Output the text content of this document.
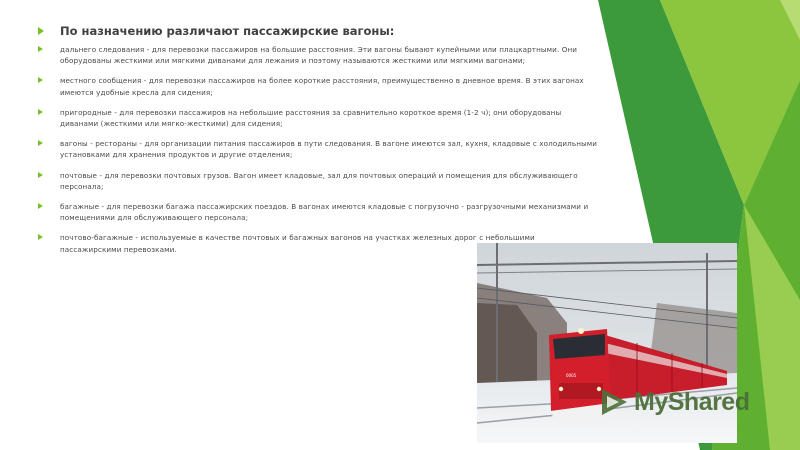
По назначению различают пассажирские вагоны:
дальнего следования - для перевозки пассажиров на большие расстояния. Эти вагоны бывают купейными или плацкартными. Они оборудованы жесткими или мягкими диванами для лежания и поэтому называются жесткими или мягкими вагонами;
местного сообщения - для перевозки пассажиров на более короткие расстояния, преимущественно в дневное время. В этих вагонах имеются удобные кресла для сидения;
пригородные - для перевозки пассажиров на небольшие расстояния за сравнительно короткое время (1-2 ч); они оборудованы диванами (жесткими или мягко-жесткими) для сидения;
вагоны - рестораны - для организации питания пассажиров в пути следования. В вагоне имеются зал, кухня, кладовые с холодильными установками для хранения продуктов и другие отделения;
почтовые - для перевозки почтовых грузов. Вагон имеет кладовые, зал для почтовых операций и помещения для обслуживающего персонала;
багажные - для перевозки багажа пассажирских поездов. В вагонах имеются кладовые с погрузочно - разгрузочными механизмами и помещениями для обслуживающего персонала;
почтово-багажные - используемые в качестве почтовых и багажных вагонов на участках железных дорог с небольшими пассажирскими перевозками.
0005
MyShared
